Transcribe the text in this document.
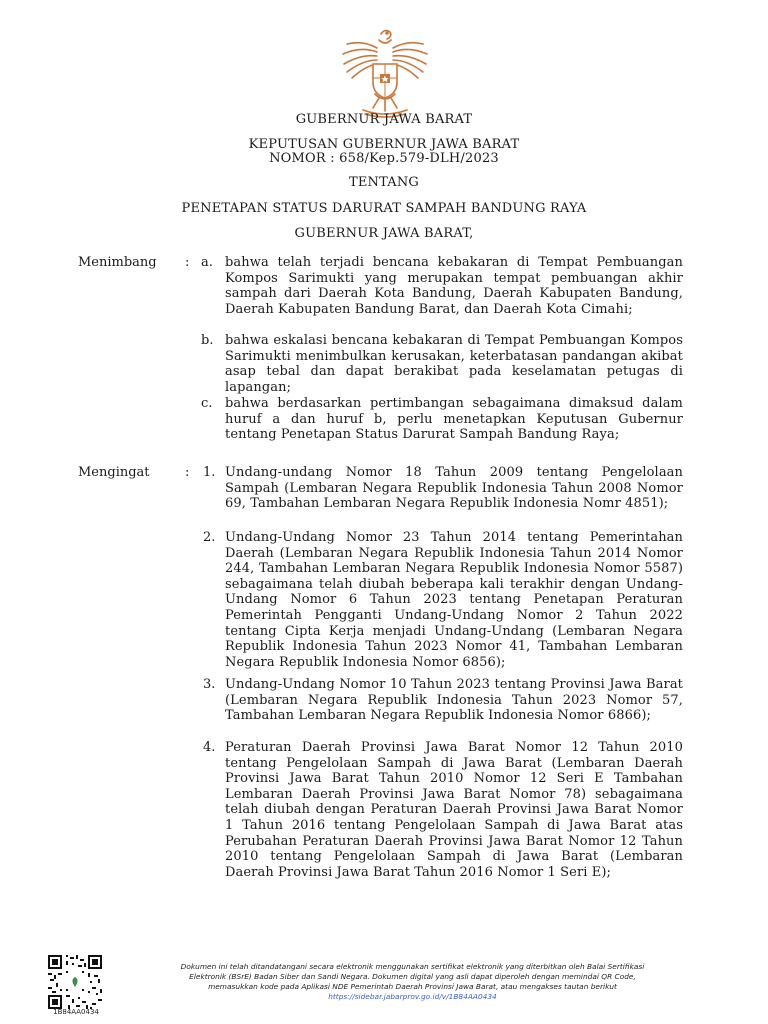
GUBERNUR JAWA BARAT
KEPUTUSAN GUBERNUR JAWA BARAT
NOMOR : 658/Kep.579-DLH/2023
TENTANG
PENETAPAN STATUS DARURAT SAMPAH BANDUNG RAYA
GUBERNUR JAWA BARAT,
Menimbang : a. bahwa telah terjadi bencana kebakaran di Tempat Pembuangan Kompos Sarimukti yang merupakan tempat pembuangan akhir sampah dari Daerah Kota Bandung, Daerah Kabupaten Bandung, Daerah Kabupaten Bandung Barat, dan Daerah Kota Cimahi;
b. bahwa eskalasi bencana kebakaran di Tempat Pembuangan Kompos Sarimukti menimbulkan kerusakan, keterbatasan pandangan akibat asap tebal dan dapat berakibat pada keselamatan petugas di lapangan;
c. bahwa berdasarkan pertimbangan sebagaimana dimaksud dalam huruf a dan huruf b, perlu menetapkan Keputusan Gubernur tentang Penetapan Status Darurat Sampah Bandung Raya;
Mengingat	: 1. Undang-undang Nomor 18 Tahun 2009 tentang Pengelolaan Sampah (Lembaran Negara Republik Indonesia Tahun 2008 Nomor 69, Tambahan Lembaran Negara Republik Indonesia Nomr 4851);
2. Undang-Undang Nomor 23 Tahun 2014 tentang Pemerintahan Daerah (Lembaran Negara Republik Indonesia Tahun 2014 Nomor 244, Tambahan Lembaran Negara Republik Indonesia Nomor 5587) sebagaimana telah diubah beberapa kali terakhir dengan Undang-Undang Nomor 6 Tahun 2023 tentang Penetapan Peraturan Pemerintah Pengganti Undang-Undang Nomor 2 Tahun 2022 tentang Cipta Kerja menjadi Undang-Undang (Lembaran Negara Republik Indonesia Tahun 2023 Nomor 41, Tambahan Lembaran Negara Republik Indonesia Nomor 6856);
3. Undang-Undang Nomor 10 Tahun 2023 tentang Provinsi Jawa Barat (Lembaran Negara Republik Indonesia Tahun 2023 Nomor 57, Tambahan Lembaran Negara Republik Indonesia Nomor 6866);
4. Peraturan Daerah Provinsi Jawa Barat Nomor 12 Tahun 2010 tentang Pengelolaan Sampah di Jawa Barat (Lembaran Daerah Provinsi Jawa Barat Tahun 2010 Nomor 12 Seri E Tambahan Lembaran Daerah Provinsi Jawa Barat Nomor 78) sebagaimana telah diubah dengan Peraturan Daerah Provinsi Jawa Barat Nomor 1 Tahun 2016 tentang Pengelolaan Sampah di Jawa Barat atas Perubahan Peraturan Daerah Provinsi Jawa Barat Nomor 12 Tahun 2010 tentang Pengelolaan Sampah di Jawa Barat (Lembaran Daerah Provinsi Jawa Barat Tahun 2016 Nomor 1 Seri E);
1B84AA0434
Dokumen ini telah ditandatangani secara elektronik menggunakan sertifikat elektronik yang diterbitkan oleh Balai Sertifikasi
Elektronik (BSrE) Badan Siber dan Sandi Negara. Dokumen digital yang asli dapat diperoleh dengan memindai QR Code,
memasukkan kode pada Aplikasi NDE Pemerintah Daerah Provinsi Jawa Barat, atau mengakses tautan berikut
https://sidebar.jabarprov.go.id/v/1B84AA0434
